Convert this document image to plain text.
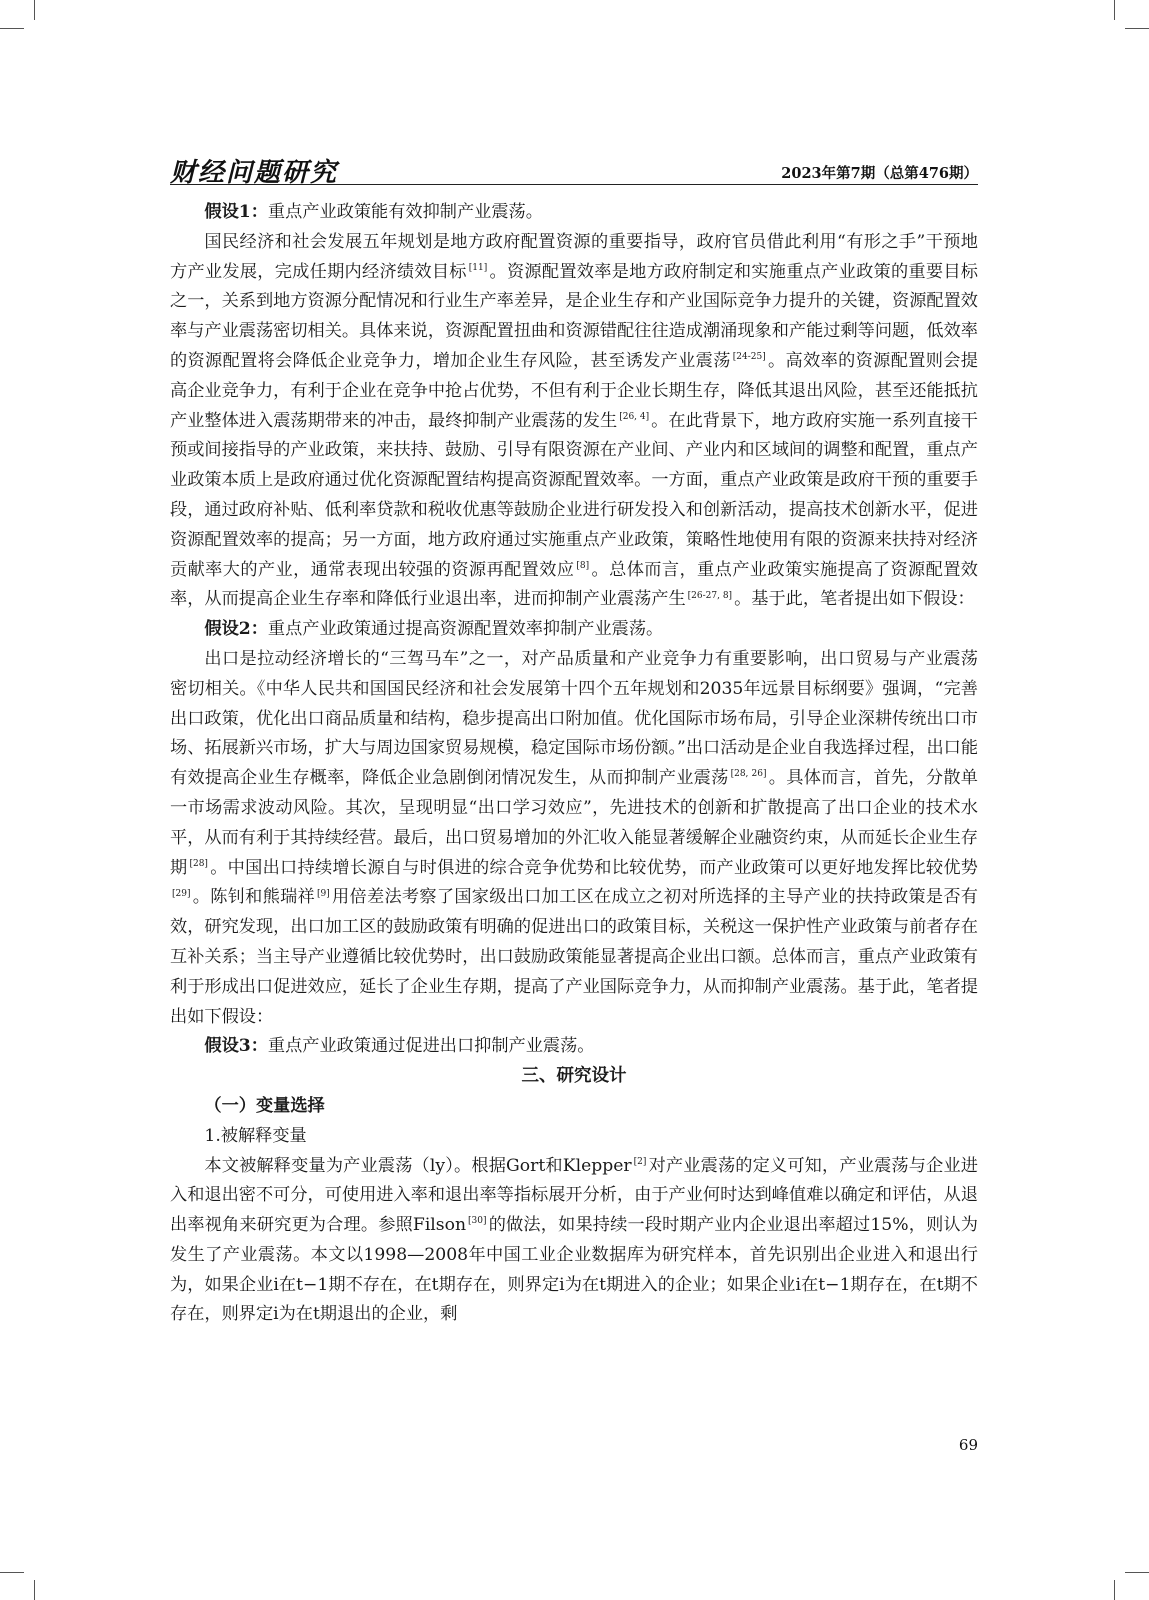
财经问题研究	2023年第7期（总第476期）

假设1：重点产业政策能有效抑制产业震荡。

国民经济和社会发展五年规划是地方政府配置资源的重要指导，政府官员借此利用“有形之手”干预地方产业发展，完成任期内经济绩效目标 [11] 。资源配置效率是地方政府制定和实施重点产业政策的重要目标之一，关系到地方资源分配情况和行业生产率差异，是企业生存和产业国际竞争力提升的关键，资源配置效率与产业震荡密切相关。具体来说，资源配置扭曲和资源错配往往造成潮涌现象和产能过剩等问题，低效率的资源配置将会降低企业竞争力，增加企业生存风险，甚至诱发产业震荡 [24-25] 。高效率的资源配置则会提高企业竞争力，有利于企业在竞争中抢占优势，不但有利于企业长期生存，降低其退出风险，甚至还能抵抗产业整体进入震荡期带来的冲击，最终抑制产业震荡的发生 [26, 4] 。在此背景下，地方政府实施一系列直接干预或间接指导的产业政策，来扶持、鼓励、引导有限资源在产业间、产业内和区域间的调整和配置，重点产业政策本质上是政府通过优化资源配置结构提高资源配置效率。一方面，重点产业政策是政府干预的重要手段，通过政府补贴、低利率贷款和税收优惠等鼓励企业进行研发投入和创新活动，提高技术创新水平，促进资源配置效率的提高；另一方面，地方政府通过实施重点产业政策，策略性地使用有限的资源来扶持对经济贡献率大的产业，通常表现出较强的资源再配置效应 [8] 。总体而言，重点产业政策实施提高了资源配置效率，从而提高企业生存率和降低行业退出率，进而抑制产业震荡产生 [26-27, 8] 。基于此，笔者提出如下假设：

假设2：重点产业政策通过提高资源配置效率抑制产业震荡。

出口是拉动经济增长的“三驾马车”之一，对产品质量和产业竞争力有重要影响，出口贸易与产业震荡密切相关。《中华人民共和国国民经济和社会发展第十四个五年规划和2035年远景目标纲要》强调，“完善出口政策，优化出口商品质量和结构，稳步提高出口附加值。优化国际市场布局，引导企业深耕传统出口市场、拓展新兴市场，扩大与周边国家贸易规模，稳定国际市场份额。”出口活动是企业自我选择过程，出口能有效提高企业生存概率，降低企业急剧倒闭情况发生，从而抑制产业震荡 [28, 26] 。具体而言，首先，分散单一市场需求波动风险。其次，呈现明显“出口学习效应”，先进技术的创新和扩散提高了出口企业的技术水平，从而有利于其持续经营。最后，出口贸易增加的外汇收入能显著缓解企业融资约束，从而延长企业生存期 [28] 。中国出口持续增长源自与时俱进的综合竞争优势和比较优势，而产业政策可以更好地发挥比较优势[29] 。陈钊和熊瑞祥 [9] 用倍差法考察了国家级出口加工区在成立之初对所选择的主导产业的扶持政策是否有效，研究发现，出口加工区的鼓励政策有明确的促进出口的政策目标，关税这一保护性产业政策与前者存在互补关系；当主导产业遵循比较优势时，出口鼓励政策能显著提高企业出口额。总体而言，重点产业政策有利于形成出口促进效应，延长了企业生存期，提高了产业国际竞争力，从而抑制产业震荡。基于此，笔者提出如下假设：

假设3：重点产业政策通过促进出口抑制产业震荡。

三、研究设计

（一）变量选择

1.被解释变量

本文被解释变量为产业震荡（ly）。根据Gort和Klepper [2] 对产业震荡的定义可知，产业震荡与企业进入和退出密不可分，可使用进入率和退出率等指标展开分析，由于产业何时达到峰值难以确定和评估，从退出率视角来研究更为合理。参照Filson [30] 的做法，如果持续一段时期产业内企业退出率超过15%，则认为发生了产业震荡。本文以1998—2008年中国工业企业数据库为研究样本，首先识别出企业进入和退出行为，如果企业i在t−1期不存在，在t期存在，则界定i为在t期进入的企业；如果企业i在t−1期存在，在t期不存在，则界定i为在t期退出的企业，剩

69
